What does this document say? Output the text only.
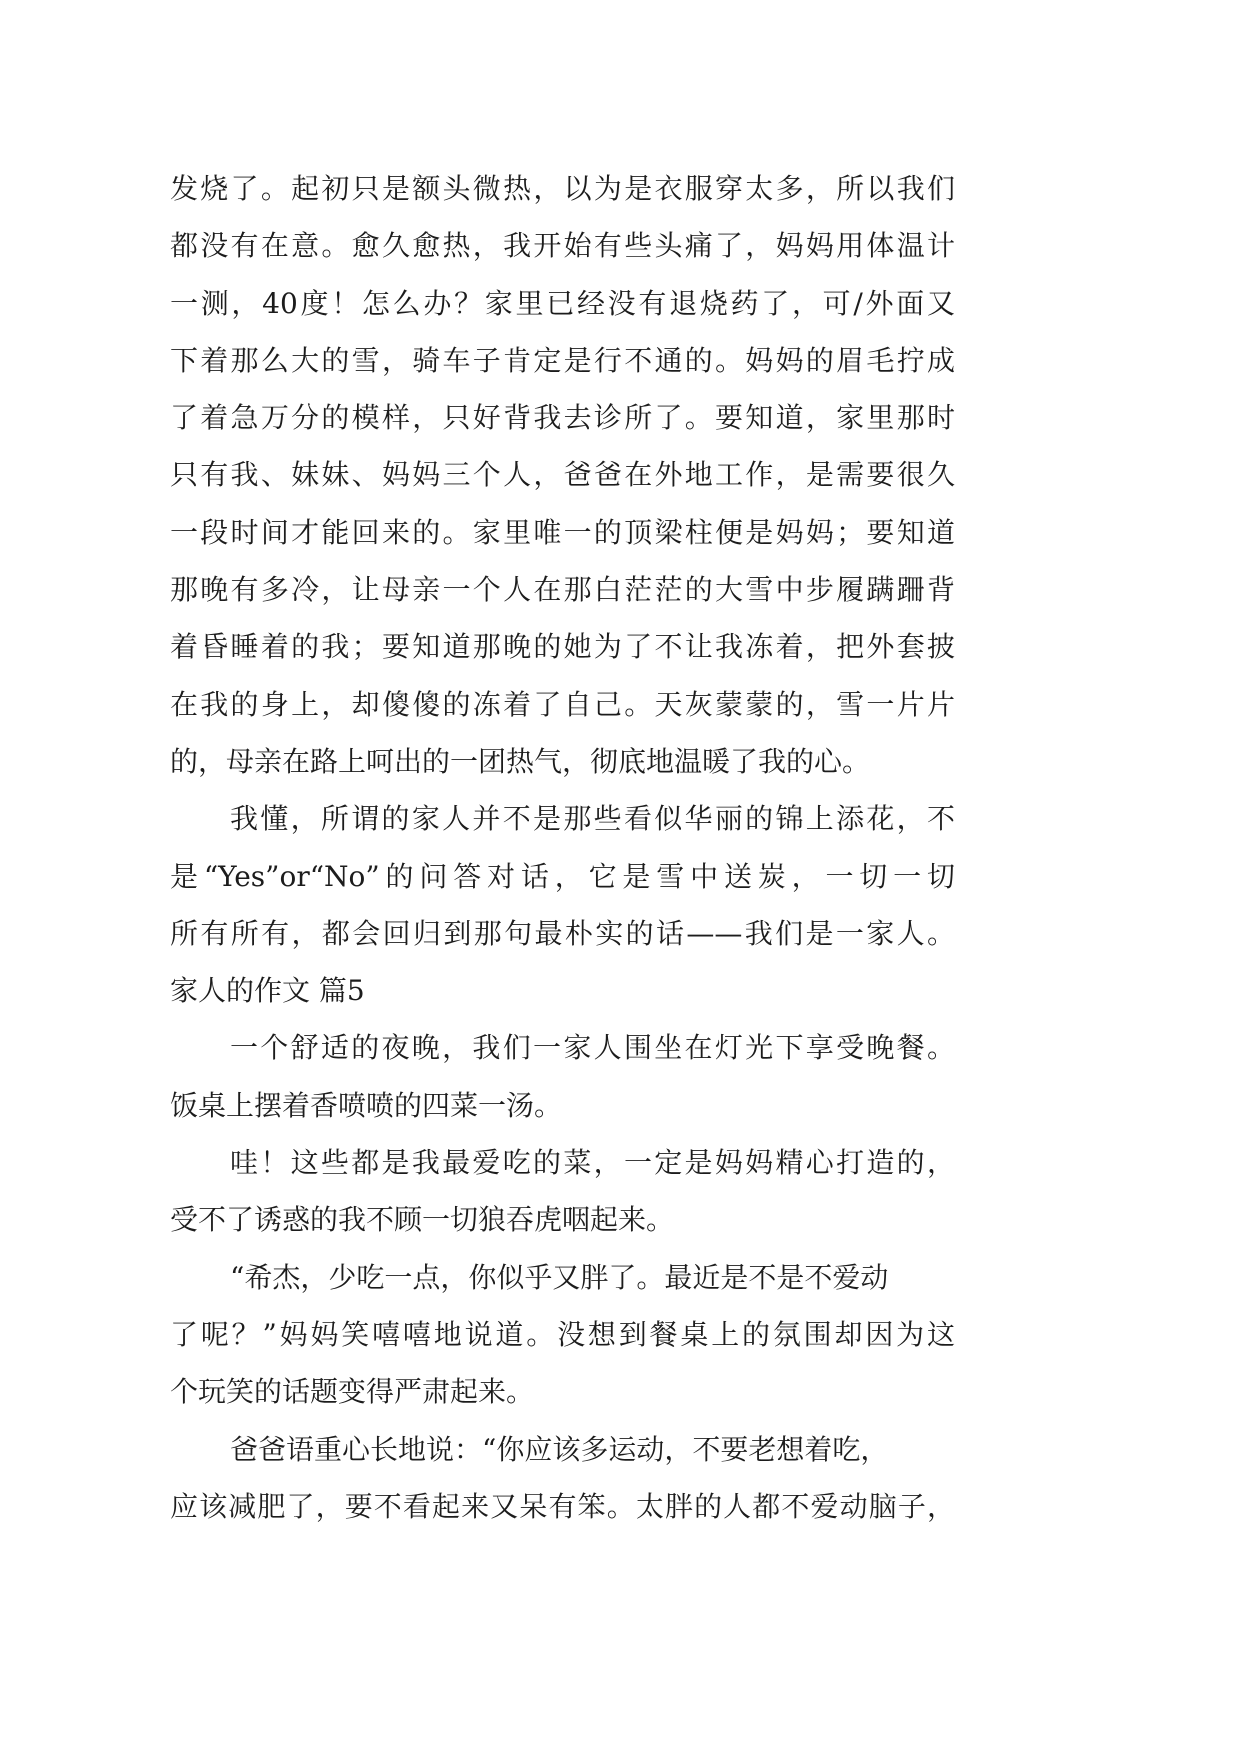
发烧了。起初只是额头微热，以为是衣服穿太多，所以我们
都没有在意。愈久愈热，我开始有些头痛了，妈妈用体温计
一测，40度！怎么办？家里已经没有退烧药了，可/外面又
下着那么大的雪，骑车子肯定是行不通的。妈妈的眉毛拧成
了着急万分的模样，只好背我去诊所了。要知道，家里那时
只有我、妹妹、妈妈三个人，爸爸在外地工作，是需要很久
一段时间才能回来的。家里唯一的顶梁柱便是妈妈；要知道
那晚有多冷，让母亲一个人在那白茫茫的大雪中步履蹒跚背
着昏睡着的我；要知道那晚的她为了不让我冻着，把外套披
在我的身上，却傻傻的冻着了自己。天灰蒙蒙的，雪一片片
的，母亲在路上呵出的一团热气，彻底地温暖了我的心。
我懂，所谓的家人并不是那些看似华丽的锦上添花，不
是“Yes”or“No”的问答对话，它是雪中送炭，一切一切
所有所有，都会回归到那句最朴实的话——我们是一家人。
家人的作文 篇5
一个舒适的夜晚，我们一家人围坐在灯光下享受晚餐。
饭桌上摆着香喷喷的四菜一汤。
哇！这些都是我最爱吃的菜，一定是妈妈精心打造的，
受不了诱惑的我不顾一切狼吞虎咽起来。
“希杰，少吃一点，你似乎又胖了。最近是不是不爱动
了呢？”妈妈笑嘻嘻地说道。没想到餐桌上的氛围却因为这
个玩笑的话题变得严肃起来。
爸爸语重心长地说：“你应该多运动，不要老想着吃，
应该减肥了，要不看起来又呆有笨。太胖的人都不爱动脑子，
